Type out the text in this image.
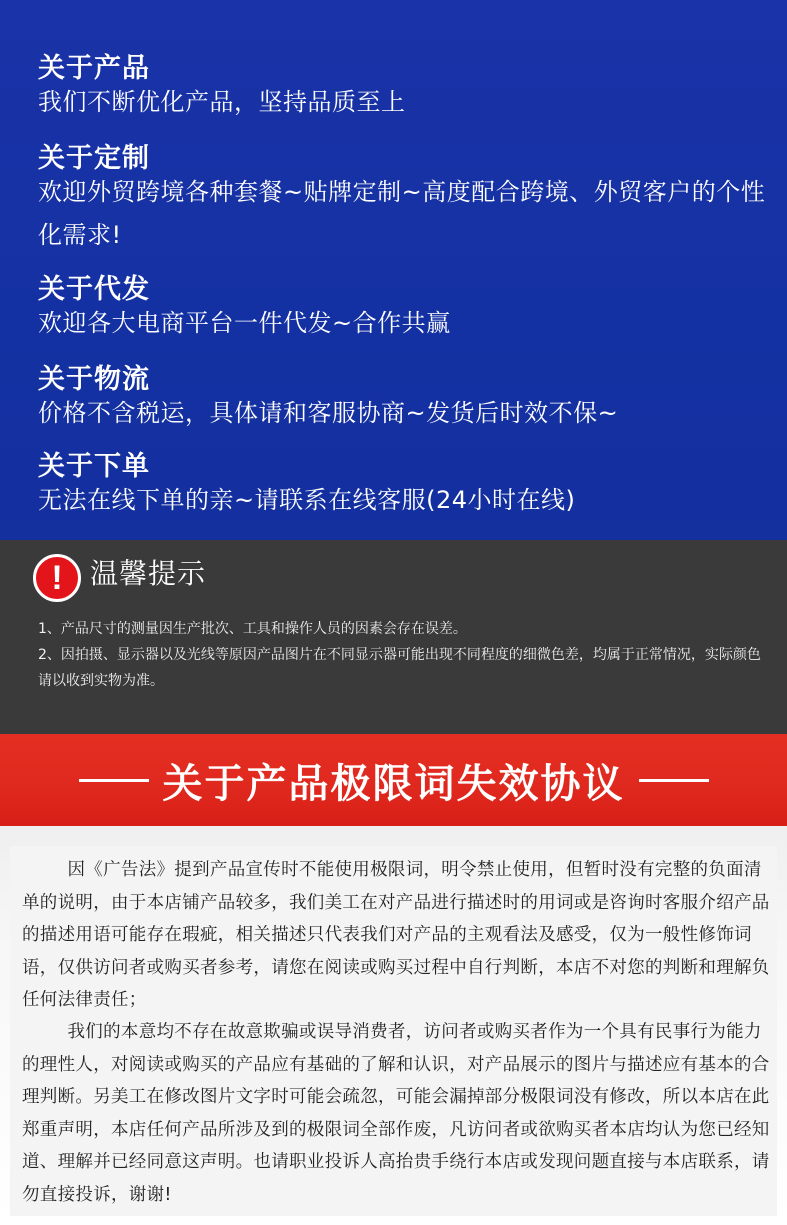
关于产品
我们不断优化产品，坚持品质至上
关于定制
欢迎外贸跨境各种套餐~贴牌定制~高度配合跨境、外贸客户的个性化需求!
关于代发
欢迎各大电商平台一件代发~合作共赢
关于物流
价格不含税运，具体请和客服协商~发货后时效不保~
关于下单
无法在线下单的亲~请联系在线客服(24小时在线)
! 温馨提示
1、产品尺寸的测量因生产批次、工具和操作人员的因素会存在误差。
2、因拍摄、显示器以及光线等原因产品图片在不同显示器可能出现不同程度的细微色差，均属于正常情况，实际颜色请以收到实物为准。
关于产品极限词失效协议
因《广告法》提到产品宣传时不能使用极限词，明令禁止使用，但暂时没有完整的负面清单的说明，由于本店铺产品较多，我们美工在对产品进行描述时的用词或是咨询时客服介绍产品的描述用语可能存在瑕疵，相关描述只代表我们对产品的主观看法及感受，仅为一般性修饰词语，仅供访问者或购买者参考，请您在阅读或购买过程中自行判断，本店不对您的判断和理解负任何法律责任；
我们的本意均不存在故意欺骗或误导消费者，访问者或购买者作为一个具有民事行为能力的理性人，对阅读或购买的产品应有基础的了解和认识，对产品展示的图片与描述应有基本的合理判断。另美工在修改图片文字时可能会疏忽，可能会漏掉部分极限词没有修改，所以本店在此郑重声明，本店任何产品所涉及到的极限词全部作废，凡访问者或欲购买者本店均认为您已经知道、理解并已经同意这声明。也请职业投诉人高抬贵手绕行本店或发现问题直接与本店联系，请勿直接投诉，谢谢!
